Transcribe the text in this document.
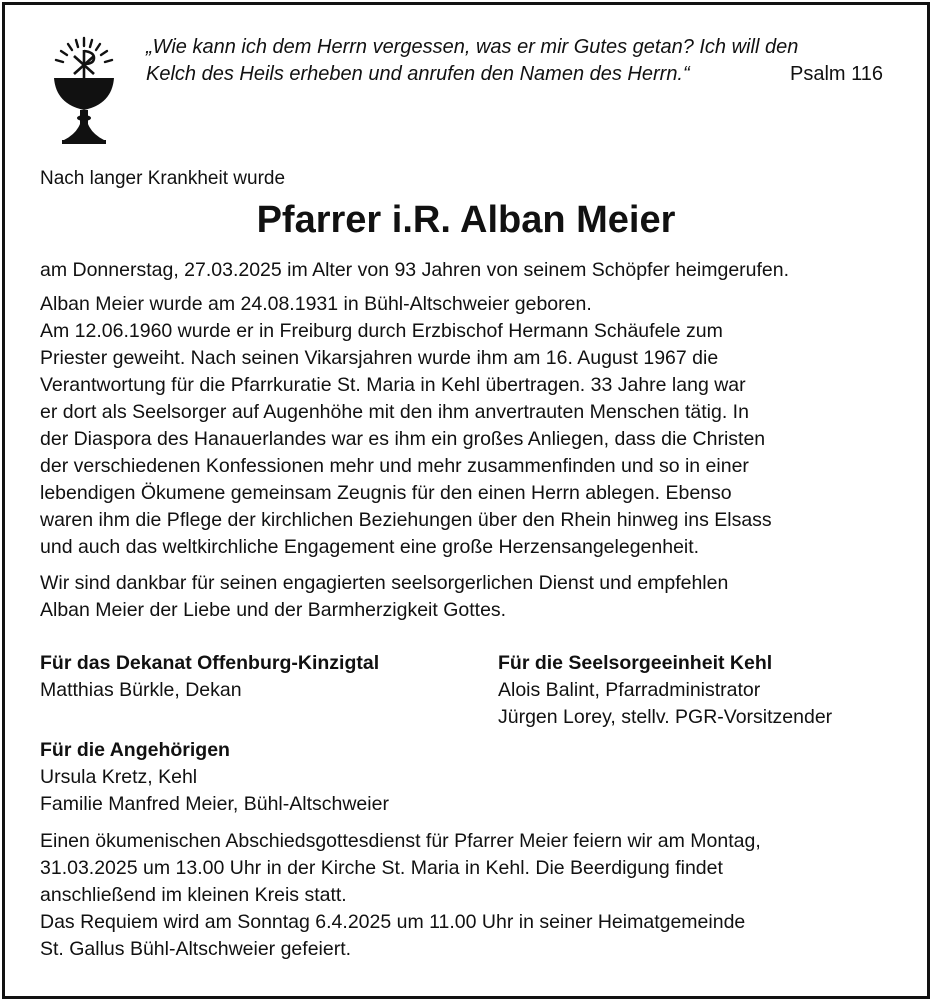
„Wie kann ich dem Herrn vergessen, was er mir Gutes getan? Ich will den
Kelch des Heils erheben und anrufen den Namen des Herrn.“	Psalm 116
Nach langer Krankheit wurde
Pfarrer i.R. Alban Meier
am Donnerstag, 27.03.2025 im Alter von 93 Jahren von seinem Schöpfer heimgerufen.
Alban Meier wurde am 24.08.1931 in Bühl-Altschweier geboren.
Am 12.06.1960 wurde er in Freiburg durch Erzbischof Hermann Schäufele zum
Priester geweiht. Nach seinen Vikarsjahren wurde ihm am 16. August 1967 die
Verantwortung für die Pfarrkuratie St. Maria in Kehl übertragen. 33 Jahre lang war
er dort als Seelsorger auf Augenhöhe mit den ihm anvertrauten Menschen tätig. In
der Diaspora des Hanauerlandes war es ihm ein großes Anliegen, dass die Christen
der verschiedenen Konfessionen mehr und mehr zusammenfinden und so in einer
lebendigen Ökumene gemeinsam Zeugnis für den einen Herrn ablegen. Ebenso
waren ihm die Pflege der kirchlichen Beziehungen über den Rhein hinweg ins Elsass
und auch das weltkirchliche Engagement eine große Herzensangelegenheit.
Wir sind dankbar für seinen engagierten seelsorgerlichen Dienst und empfehlen
Alban Meier der Liebe und der Barmherzigkeit Gottes.
Für das Dekanat Offenburg-Kinzigtal
Matthias Bürkle, Dekan
Für die Seelsorgeeinheit Kehl
Alois Balint, Pfarradministrator
Jürgen Lorey, stellv. PGR-Vorsitzender
Für die Angehörigen
Ursula Kretz, Kehl
Familie Manfred Meier, Bühl-Altschweier
Einen ökumenischen Abschiedsgottesdienst für Pfarrer Meier feiern wir am Montag,
31.03.2025 um 13.00 Uhr in der Kirche St. Maria in Kehl. Die Beerdigung findet
anschließend im kleinen Kreis statt.
Das Requiem wird am Sonntag 6.4.2025 um 11.00 Uhr in seiner Heimatgemeinde
St. Gallus Bühl-Altschweier gefeiert.
